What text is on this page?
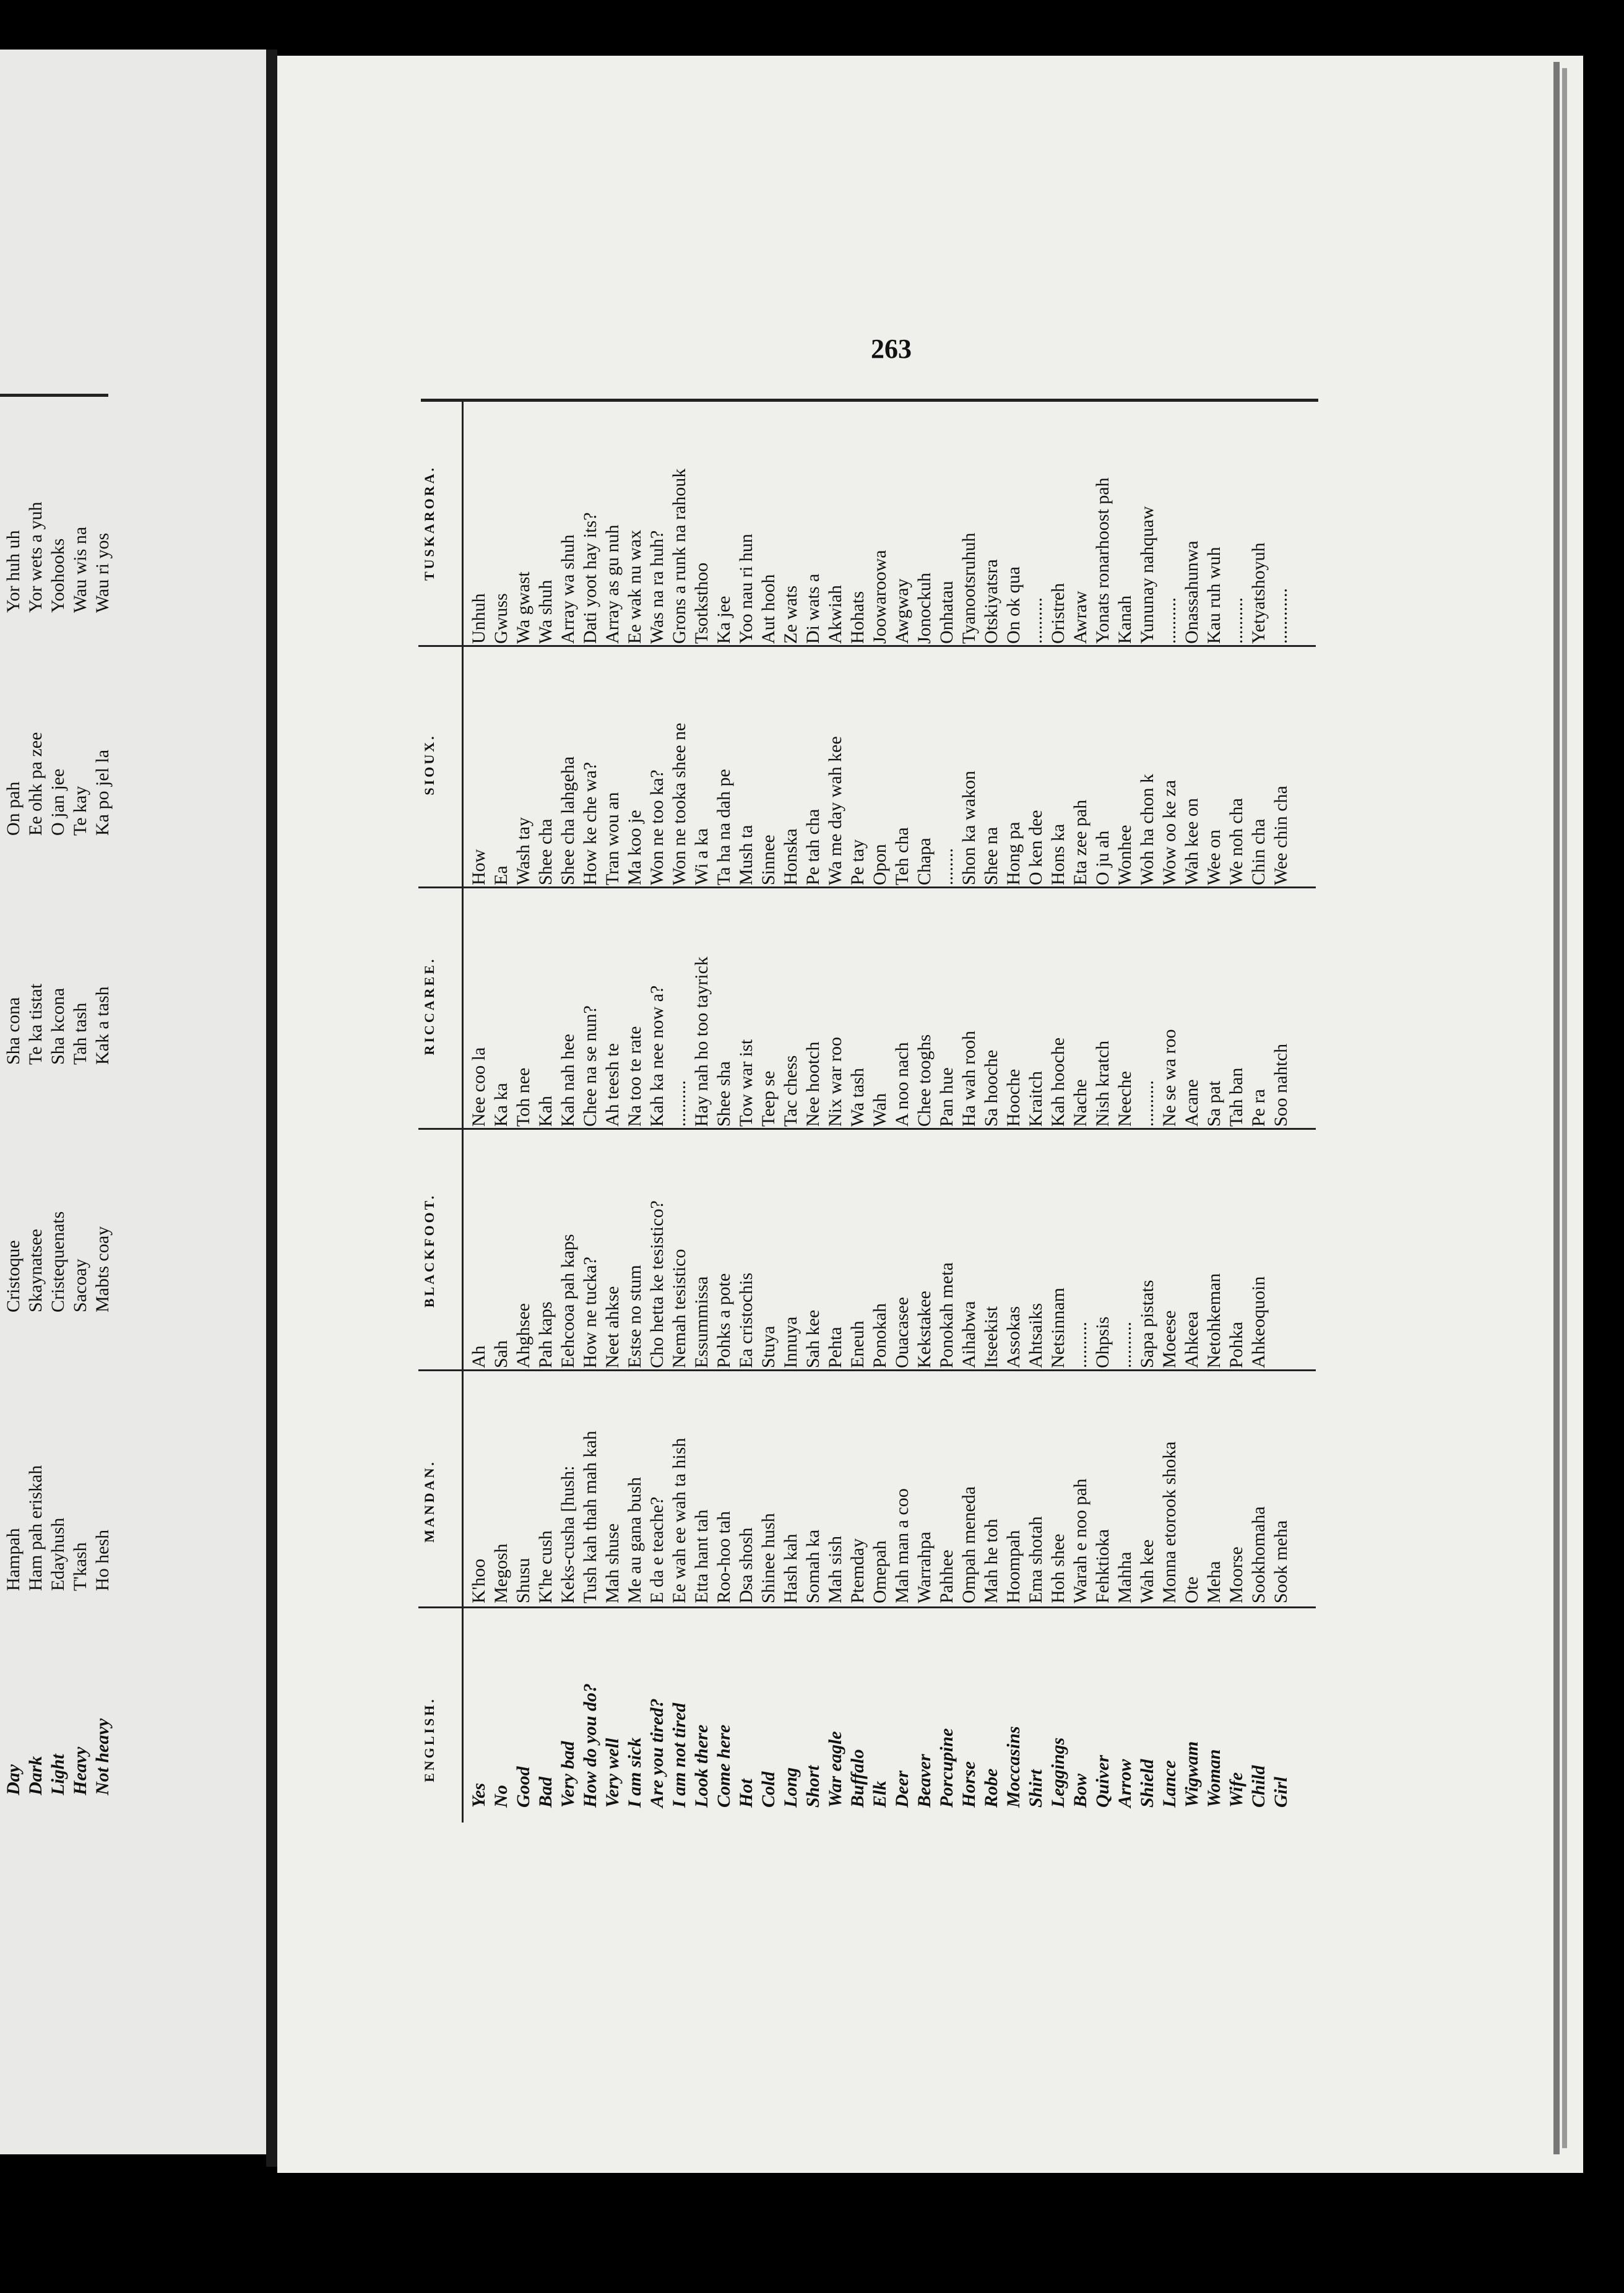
Day Dark Light Heavy Not heavy
Hampah Ham pah eriskah Edayhush T'kash Ho hesh
Cristoque Skaynatsee Cristequenats Sacoay Mabts coay
Sha cona Te ka tistat Sha kcona Tah tash Kak a tash
On pah Ee ohk pa zee O jan jee Te kay Ka po jel la
Yor huh uh Yor wets a yuh Yoohooks Wau wis na Wau ri yos
263
ENGLISH.
MANDAN.
BLACKFOOT.
RICCAREE.
SIOUX.
TUSKARORA.
Yes No Good Bad Very bad How do you do? Very well I am sick Are you tired? I am not tired Look there Come here Hot Cold Long Short War eagle Buffalo Elk Deer Beaver Porcupine Horse Robe Moccasins Shirt Leggings Bow Quiver Arrow Shield Lance Wigwam Woman Wife Child Girl
K'hoo Megosh Shusu K'he cush Keks-cusha [hush: Tush kah thah mah kah Mah shuse Me au gana bush E da e teache? Ee wah ee wah ta hish Etta hant tah Roo-hoo tah Dsa shosh Shinee hush Hash kah Somah ka Mah sish Ptemday Omepah Mah man a coo Warrahpa Pahhee Ompah meneda Mah he toh Hoompah Ema shotah Hoh shee Warah e noo pah Fehktioka Mahha Wah kee Monna etorook shoka Ote Meha Moorse Sookhomaha Sook meha
Ah Sah Ahghsee Pah kaps Eehcooa pah kaps How ne tucka? Neet ahkse Estse no stum Cho hetta ke tesistico? Nemah tesistico Essummissa Pohks a pote Ea cristochis Stuya Innuya Sah kee Pehta Eneuh Ponokah Ouacasee Kekstakee Ponokah meta Aihabwa Itseekist Assokas Ahtsaiks Netsinnam .......... Ohpsis .......... Sapa pistats Moeese Ahkeea Netohkeman Pohka Ahkeoquoin
Nee coo la Ka ka Toh nee Kah Kah nah hee Chee na se nun? Ah teesh te Na too te rate Kah ka nee now a? .......... Hay nah ho too tayrick Shee sha Tow war ist Teep se Tac chess Nee hootch Nix war roo Wa tash Wah A noo nach Chee tooghs Pan hue Ha wah rooh Sa hooche Hooche Kraitch Kah hooche Nache Nish kratch Neeche .......... Ne se wa roo Acane Sa pat Tah ban Pe ra Soo nahtch
How Ea Wash tay Shee cha Shee cha lahgeha How ke che wa? Tran wou an Ma koo je Won ne too ka? Won ne tooka shee ne Wi a ka Ta ha na dah pe Mush ta Sinnee Honska Pe tah cha Wa me day wah kee Pe tay Opon Teh cha Chapa ........ Shon ka wakon Shee na Hong pa O ken dee Hons ka Eta zee pah O ju ah Wonhee Woh ha chon k Wow oo ke za Wah kee on Wee on We noh cha Chin cha Wee chin cha
Unhuh Gwuss Wa gwast Wa shuh Array wa shuh Dati yoot hay its? Array as gu nuh Ee wak nu wax Was na ra huh? Grons a runk na rahouk Tsotksthoo Ka jee Yoo nau ri hun Aut hooh Ze wats Di wats a Akwiah Hohats Joowaroowa Awgway Jonockuh Onhatau Tyanootsruhuh Otskiyatsra On ok qua .......... Oristreh Awraw Yonats ronarhoost pah Kanah Yununay nahquaw .......... Onassahunwa Kau ruh wuh .......... Yetyatshoyuh ............
